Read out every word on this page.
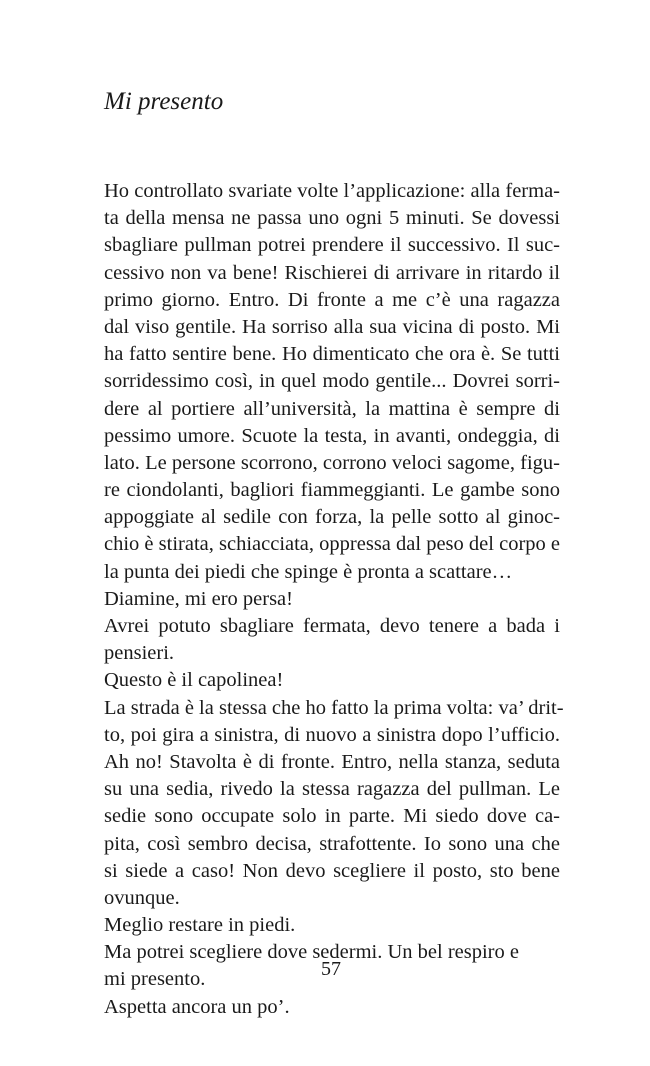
Mi presento
Ho controllato svariate volte l’applicazione: alla ferma-
ta della mensa ne passa uno ogni 5 minuti. Se dovessi
sbagliare pullman potrei prendere il successivo. Il suc-
cessivo non va bene! Rischierei di arrivare in ritardo il
primo giorno. Entro. Di fronte a me c’è una ragazza
dal viso gentile. Ha sorriso alla sua vicina di posto. Mi
ha fatto sentire bene. Ho dimenticato che ora è. Se tutti
sorridessimo così, in quel modo gentile... Dovrei sorri-
dere al portiere all’università, la mattina è sempre di
pessimo umore. Scuote la testa, in avanti, ondeggia, di
lato. Le persone scorrono, corrono veloci sagome, figu-
re ciondolanti, bagliori fiammeggianti. Le gambe sono
appoggiate al sedile con forza, la pelle sotto al ginoc-
chio è stirata, schiacciata, oppressa dal peso del corpo e
la punta dei piedi che spinge è pronta a scattare…
Diamine, mi ero persa!
Avrei potuto sbagliare fermata, devo tenere a bada i
pensieri.
Questo è il capolinea!
La strada è la stessa che ho fatto la prima volta: va’ drit-
to, poi gira a sinistra, di nuovo a sinistra dopo l’ufficio.
Ah no! Stavolta è di fronte. Entro, nella stanza, seduta
su una sedia, rivedo la stessa ragazza del pullman. Le
sedie sono occupate solo in parte. Mi siedo dove ca-
pita, così sembro decisa, strafottente. Io sono una che
si siede a caso! Non devo scegliere il posto, sto bene
ovunque.
Meglio restare in piedi.
Ma potrei scegliere dove sedermi. Un bel respiro e
mi presento.
Aspetta ancora un po’.
57
